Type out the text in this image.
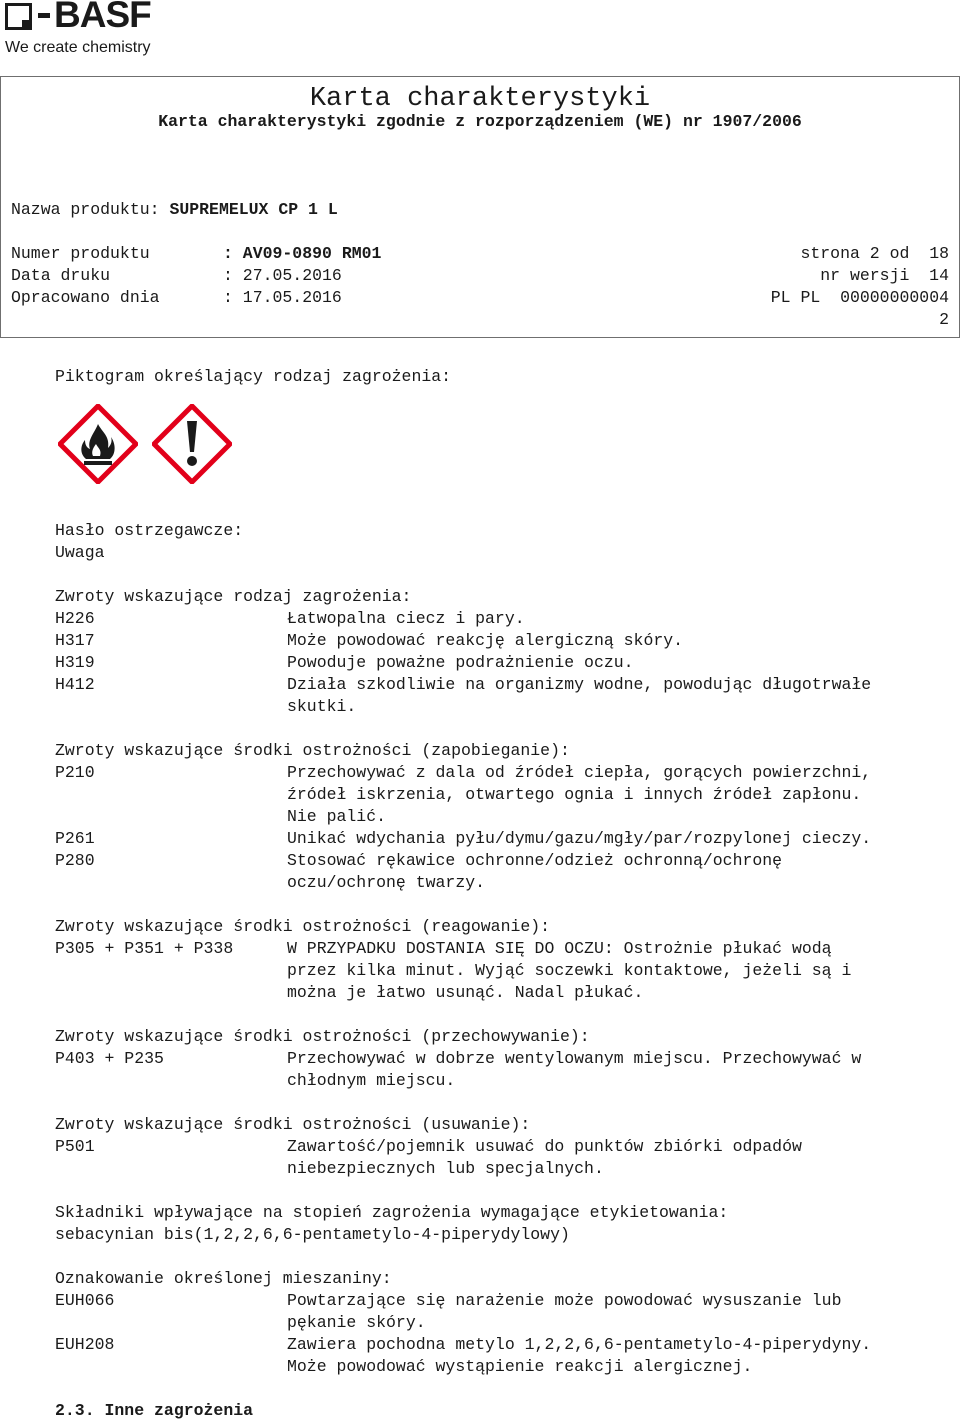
BASF
We create chemistry
Karta charakterystyki
Karta charakterystyki zgodnie z rozporządzeniem (WE) nr 1907/2006
Nazwa produktu: SUPREMELUX CP 1 L
Numer produktu	: AV09-0890 RM01	strona 2 od  18
Data druku	: 27.05.2016	nr wersji  14
Opracowano dnia	: 17.05.2016	PL PL  00000000004
2
Piktogram określający rodzaj zagrożenia:
Hasło ostrzegawcze:
Uwaga
Zwroty wskazujące rodzaj zagrożenia:
H226	Łatwopalna ciecz i pary.
H317	Może powodować reakcję alergiczną skóry.
H319	Powoduje poważne podrażnienie oczu.
H412	Działa szkodliwie na organizmy wodne, powodując długotrwałe
skutki.
Zwroty wskazujące środki ostrożności (zapobieganie):
P210	Przechowywać z dala od źródeł ciepła, gorących powierzchni,
źródeł iskrzenia, otwartego ognia i innych źródeł zapłonu.
Nie palić.
P261	Unikać wdychania pyłu/dymu/gazu/mgły/par/rozpylonej cieczy.
P280	Stosować rękawice ochronne/odzież ochronną/ochronę
oczu/ochronę twarzy.
Zwroty wskazujące środki ostrożności (reagowanie):
P305 + P351 + P338	W PRZYPADKU DOSTANIA SIĘ DO OCZU: Ostrożnie płukać wodą
przez kilka minut. Wyjąć soczewki kontaktowe, jeżeli są i
można je łatwo usunąć. Nadal płukać.
Zwroty wskazujące środki ostrożności (przechowywanie):
P403 + P235	Przechowywać w dobrze wentylowanym miejscu. Przechowywać w
chłodnym miejscu.
Zwroty wskazujące środki ostrożności (usuwanie):
P501	Zawartość/pojemnik usuwać do punktów zbiórki odpadów
niebezpiecznych lub specjalnych.
Składniki wpływające na stopień zagrożenia wymagające etykietowania:
sebacynian bis(1,2,2,6,6-pentametylo-4-piperydylowy)
Oznakowanie określonej mieszaniny:
EUH066	Powtarzające się narażenie może powodować wysuszanie lub
pękanie skóry.
EUH208	Zawiera pochodna metylo 1,2,2,6,6-pentametylo-4-piperydyny.
Może powodować wystąpienie reakcji alergicznej.
2.3. Inne zagrożenia
